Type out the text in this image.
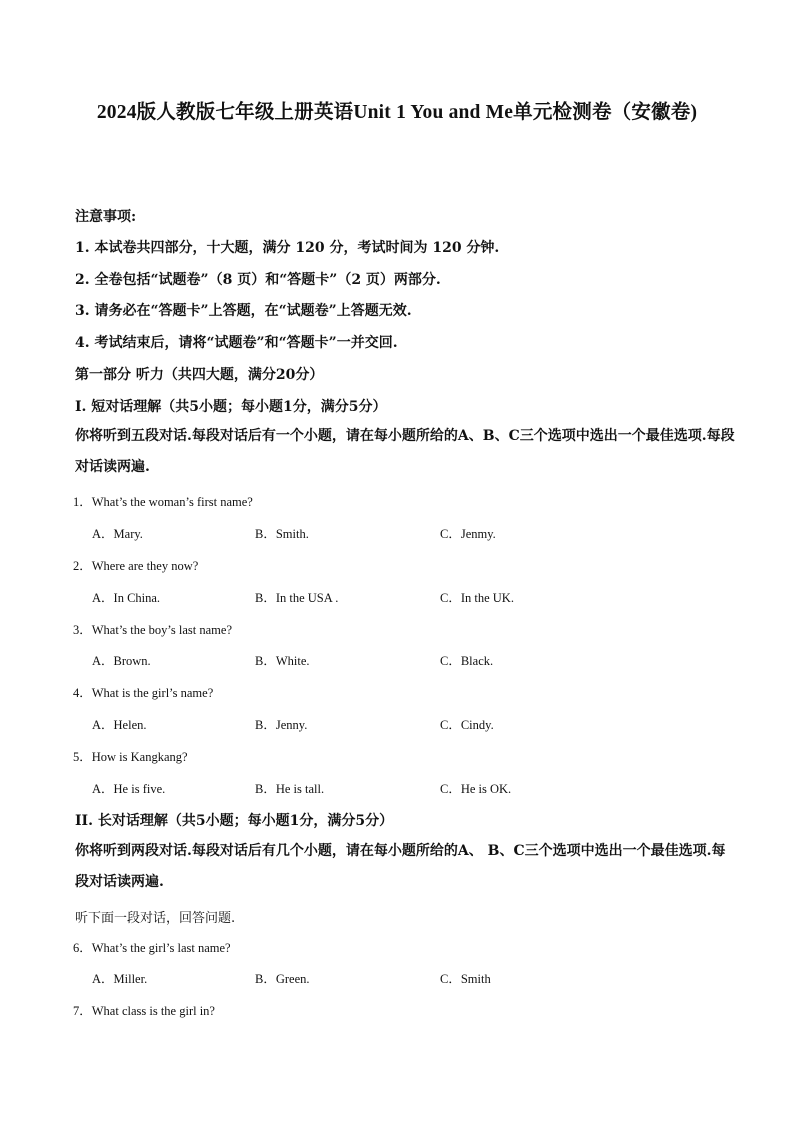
2024版人教版七年级上册英语Unit 1 You and Me单元检测卷（安徽卷)
注意事项:
1. 本试卷共四部分，十大题，满分 120 分，考试时间为 120 分钟.
2. 全卷包括“试题卷”（8 页）和“答题卡”（2 页）两部分.
3. 请务必在“答题卡”上答题，在“试题卷”上答题无效.
4. 考试结束后，请将“试题卷”和“答题卡”一并交回.
第一部分 听力（共四大题，满分20分）
I. 短对话理解（共5小题；每小题1分，满分5分）
你将听到五段对话.每段对话后有一个小题，请在每小题所给的A、B、C三个选项中选出一个最佳选项.每段对话读两遍.
1．What’s the woman’s first name?
A．Mary.	B．Smith.	C．Jenmy.
2．Where are they now?
A．In China.	B．In the USA .	C．In the UK.
3．What’s the boy’s last name?
A．Brown.	B．White.	C．Black.
4．What is the girl’s name?
A．Helen.	B．Jenny.	C．Cindy.
5．How is Kangkang?
A．He is five.	B．He is tall.	C．He is OK.
II. 长对话理解（共5小题；每小题1分，满分5分）
你将听到两段对话.每段对话后有几个小题，请在每小题所给的A、 B、C三个选项中选出一个最佳选项.每段对话读两遍.
听下面一段对话，回答问题.
6．What’s the girl’s last name?
A．Miller.	B．Green.	C．Smith
7．What class is the girl in?
